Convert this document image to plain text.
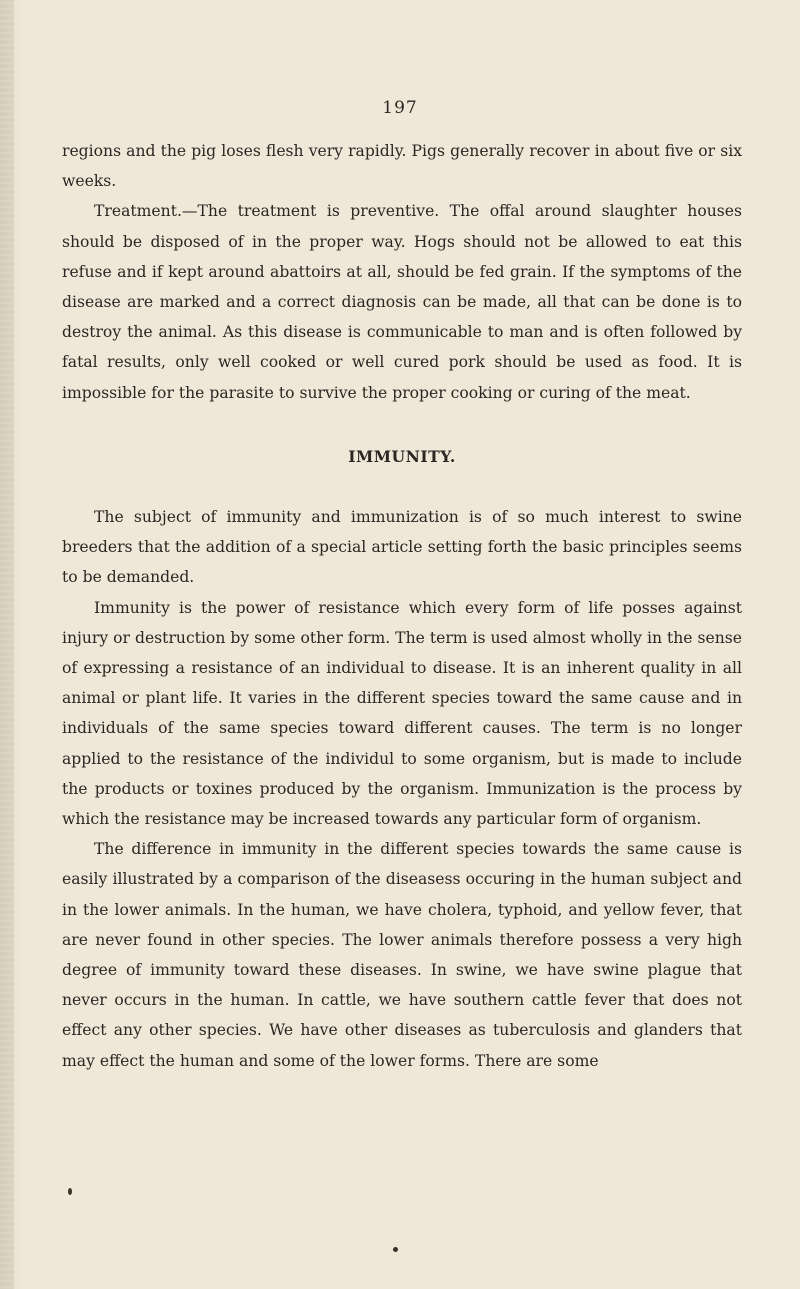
197

regions and the pig loses flesh very rapidly. Pigs generally recover in about five or six weeks.

Treatment.—The treatment is preventive. The offal around slaughter houses should be disposed of in the proper way. Hogs should not be allowed to eat this refuse and if kept around abattoirs at all, should be fed grain. If the symptoms of the disease are marked and a correct diagnosis can be made, all that can be done is to destroy the animal. As this disease is communicable to man and is often followed by fatal results, only well cooked or well cured pork should be used as food. It is impossible for the parasite to survive the proper cooking or curing of the meat.

IMMUNITY.

The subject of immunity and immunization is of so much interest to swine breeders that the addition of a special article setting forth the basic principles seems to be demanded.

Immunity is the power of resistance which every form of life posses against injury or destruction by some other form. The term is used almost wholly in the sense of expressing a resistance of an individual to disease. It is an inherent quality in all animal or plant life. It varies in the different species toward the same cause and in individuals of the same species toward different causes. The term is no longer applied to the resistance of the individul to some organism, but is made to include the products or toxines produced by the organism. Immunization is the process by which the resistance may be increased towards any particular form of organism.

The difference in immunity in the different species towards the same cause is easily illustrated by a comparison of the diseasess occuring in the human subject and in the lower animals. In the human, we have cholera, typhoid, and yellow fever, that are never found in other species. The lower animals therefore possess a very high degree of immunity toward these diseases. In swine, we have swine plague that never occurs in the human. In cattle, we have southern cattle fever that does not effect any other species. We have other diseases as tuberculosis and glanders that may effect the human and some of the lower forms. There are some
